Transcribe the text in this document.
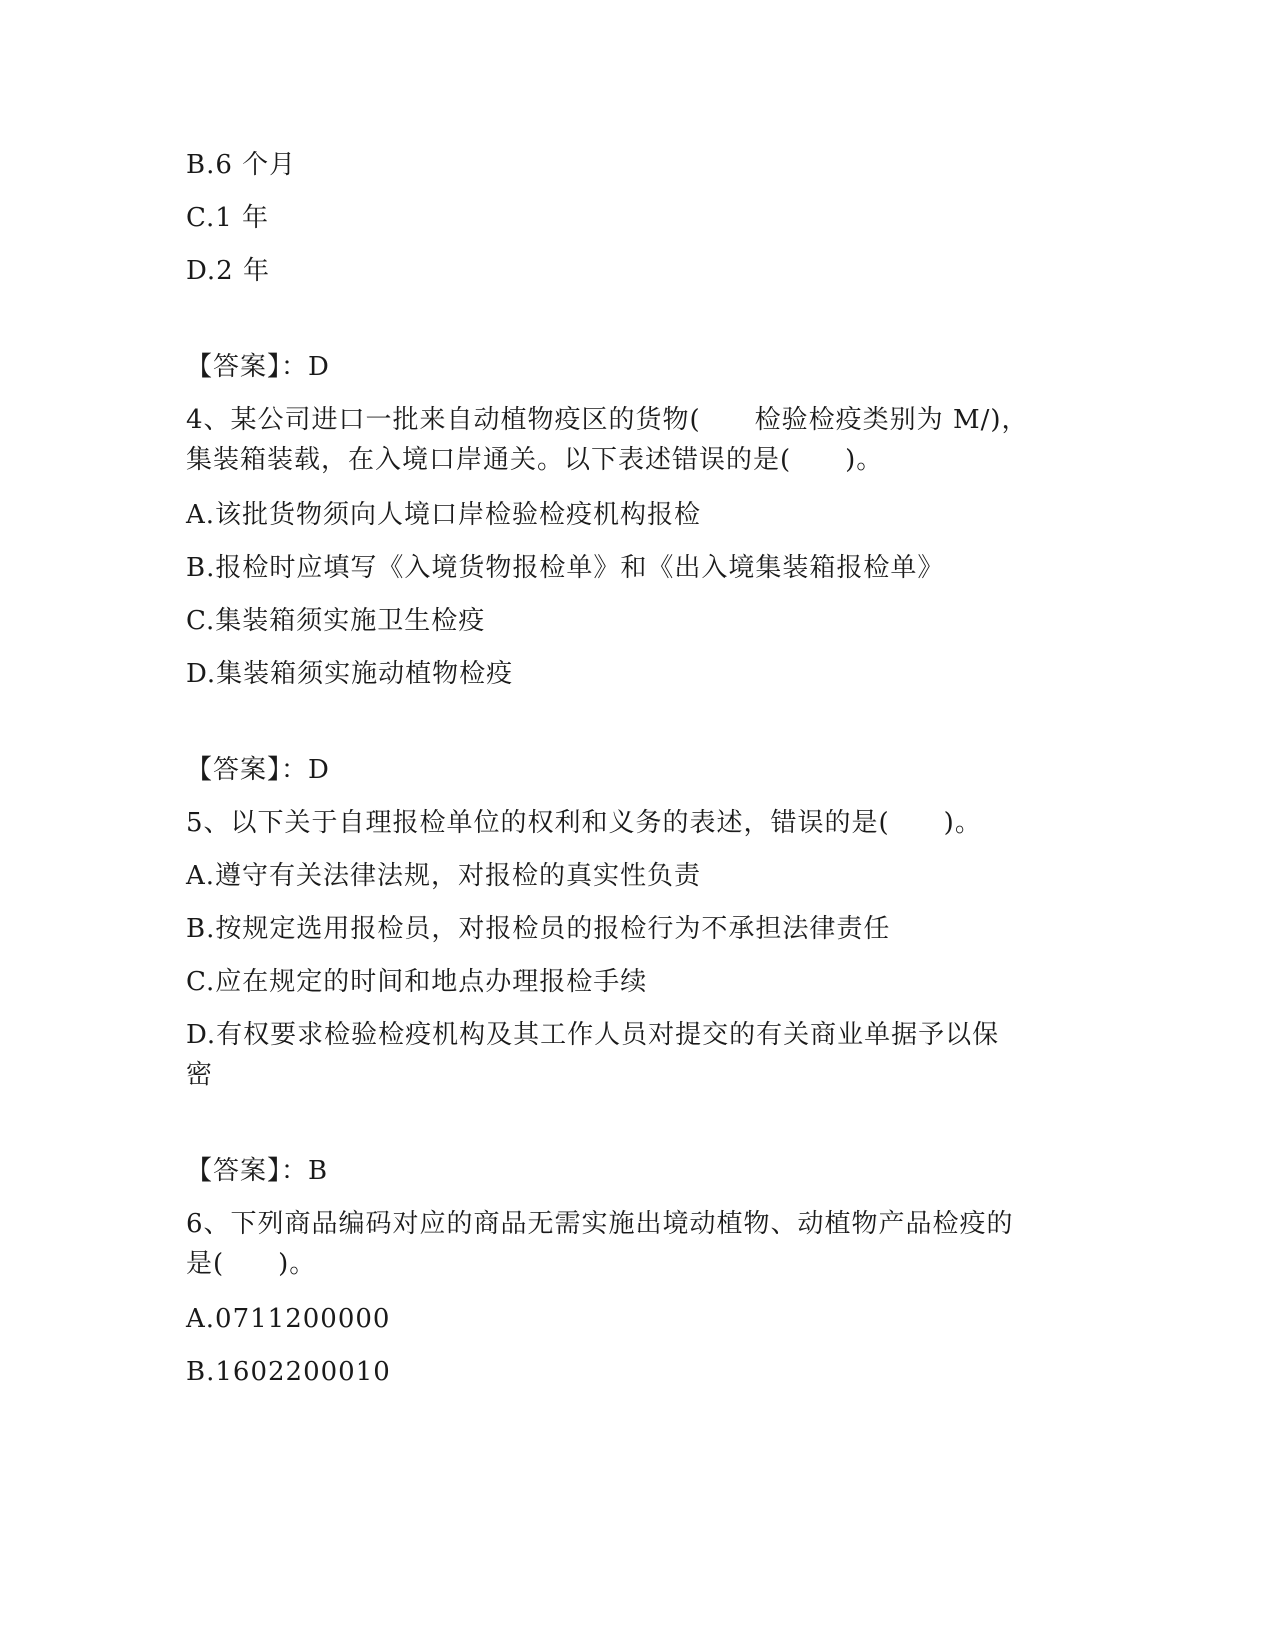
B.6 个月
C.1 年
D.2 年
【答案】：D
4、某公司进口一批来自动植物疫区的货物(　　检验检疫类别为 M/)，
集装箱装载，在入境口岸通关。以下表述错误的是(　　)。
A.该批货物须向人境口岸检验检疫机构报检
B.报检时应填写《入境货物报检单》和《出入境集装箱报检单》
C.集装箱须实施卫生检疫
D.集装箱须实施动植物检疫
【答案】：D
5、以下关于自理报检单位的权利和义务的表述，错误的是(　　)。
A.遵守有关法律法规，对报检的真实性负责
B.按规定选用报检员，对报检员的报检行为不承担法律责任
C.应在规定的时间和地点办理报检手续
D.有权要求检验检疫机构及其工作人员对提交的有关商业单据予以保
密
【答案】：B
6、下列商品编码对应的商品无需实施出境动植物、动植物产品检疫的
是(　　)。
A.0711200000
B.1602200010
